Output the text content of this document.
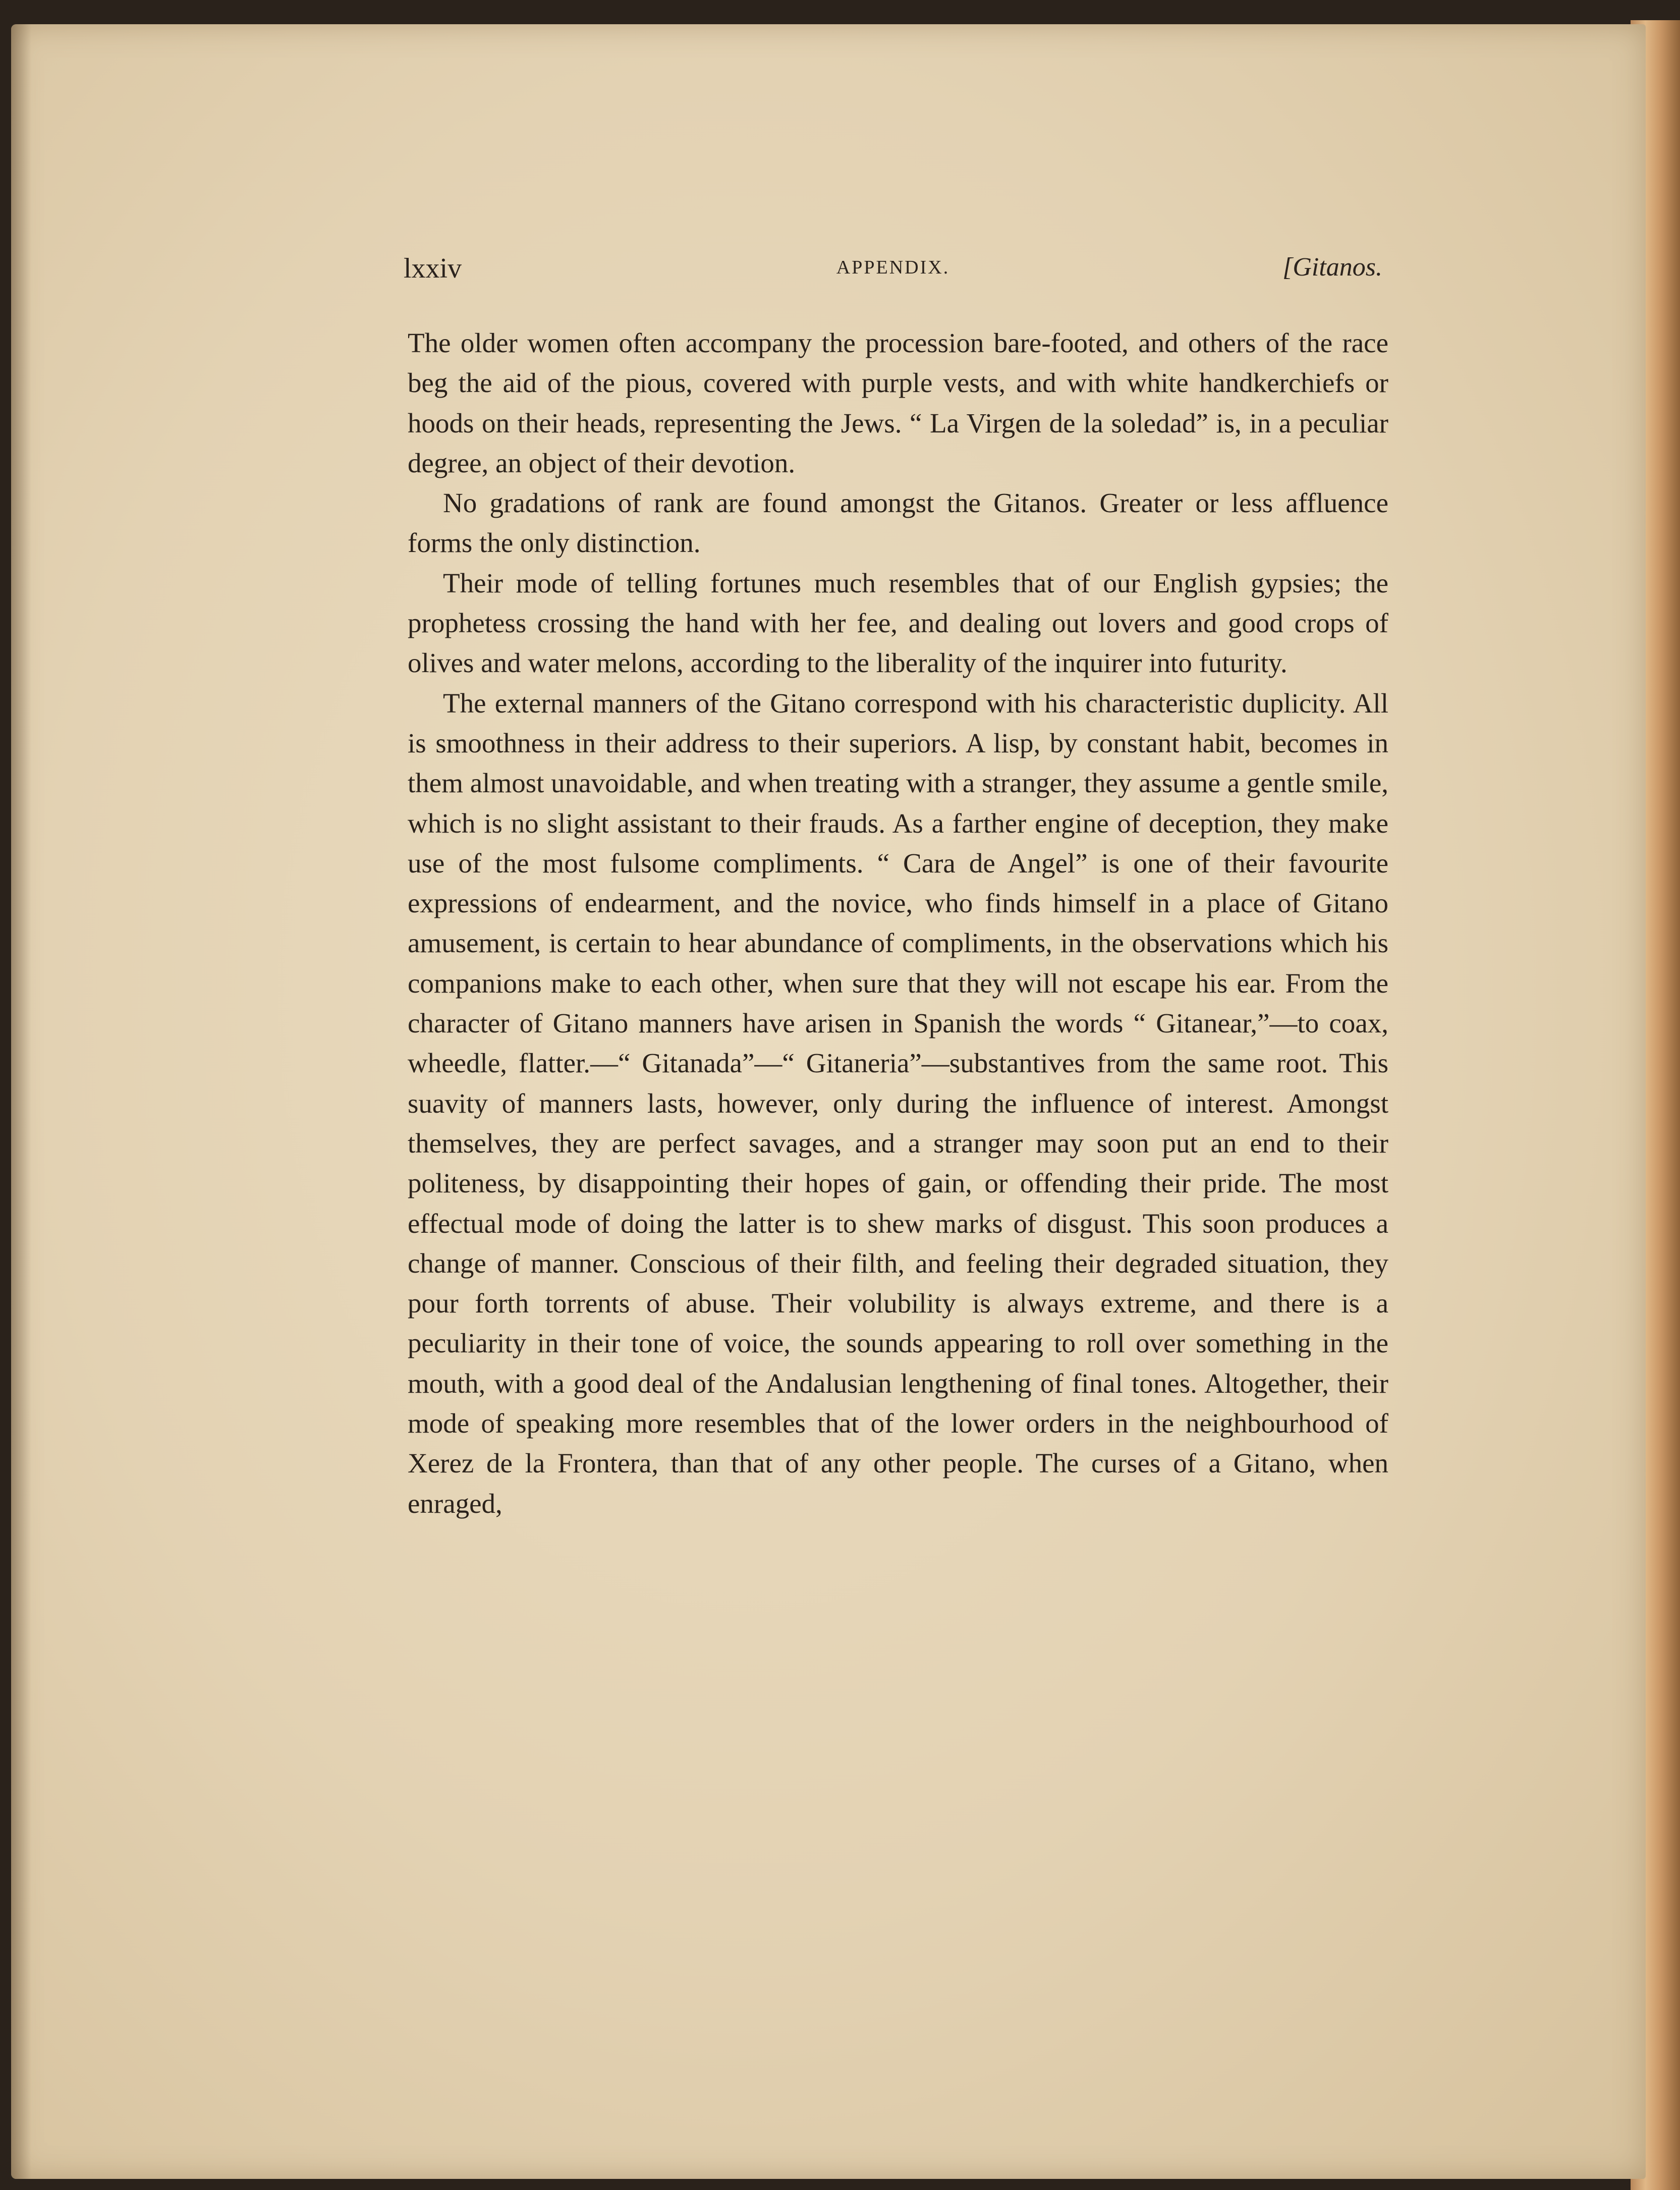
lxxiv	APPENDIX.	[Gitanos.

The older women often accompany the procession bare-footed, and others of the race beg the aid of the pious, covered with purple vests, and with white handkerchiefs or hoods on their heads, representing the Jews. “ La Virgen de la soledad” is, in a peculiar degree, an object of their devotion.

No gradations of rank are found amongst the Gitanos. Greater or less affluence forms the only distinction.

Their mode of telling fortunes much resembles that of our English gypsies; the prophetess crossing the hand with her fee, and dealing out lovers and good crops of olives and water melons, according to the liberality of the inquirer into futurity.

The external manners of the Gitano correspond with his characteristic duplicity. All is smoothness in their address to their superiors. A lisp, by constant habit, becomes in them almost unavoidable, and when treating with a stranger, they assume a gentle smile, which is no slight assistant to their frauds. As a farther engine of deception, they make use of the most fulsome compliments. “ Cara de Angel” is one of their favourite expressions of endearment, and the novice, who finds himself in a place of Gitano amusement, is certain to hear abundance of compliments, in the observations which his companions make to each other, when sure that they will not escape his ear. From the character of Gitano manners have arisen in Spanish the words “ Gitanear,”—to coax, wheedle, flatter.—“ Gitanada”—“ Gitaneria”—substantives from the same root. This suavity of manners lasts, however, only during the influence of interest. Amongst themselves, they are perfect savages, and a stranger may soon put an end to their politeness, by disappointing their hopes of gain, or offending their pride. The most effectual mode of doing the latter is to shew marks of disgust. This soon produces a change of manner. Conscious of their filth, and feeling their degraded situation, they pour forth torrents of abuse. Their volubility is always extreme, and there is a peculiarity in their tone of voice, the sounds appearing to roll over something in the mouth, with a good deal of the Andalusian lengthening of final tones. Altogether, their mode of speaking more resembles that of the lower orders in the neighbourhood of Xerez de la Frontera, than that of any other people. The curses of a Gitano, when enraged,
